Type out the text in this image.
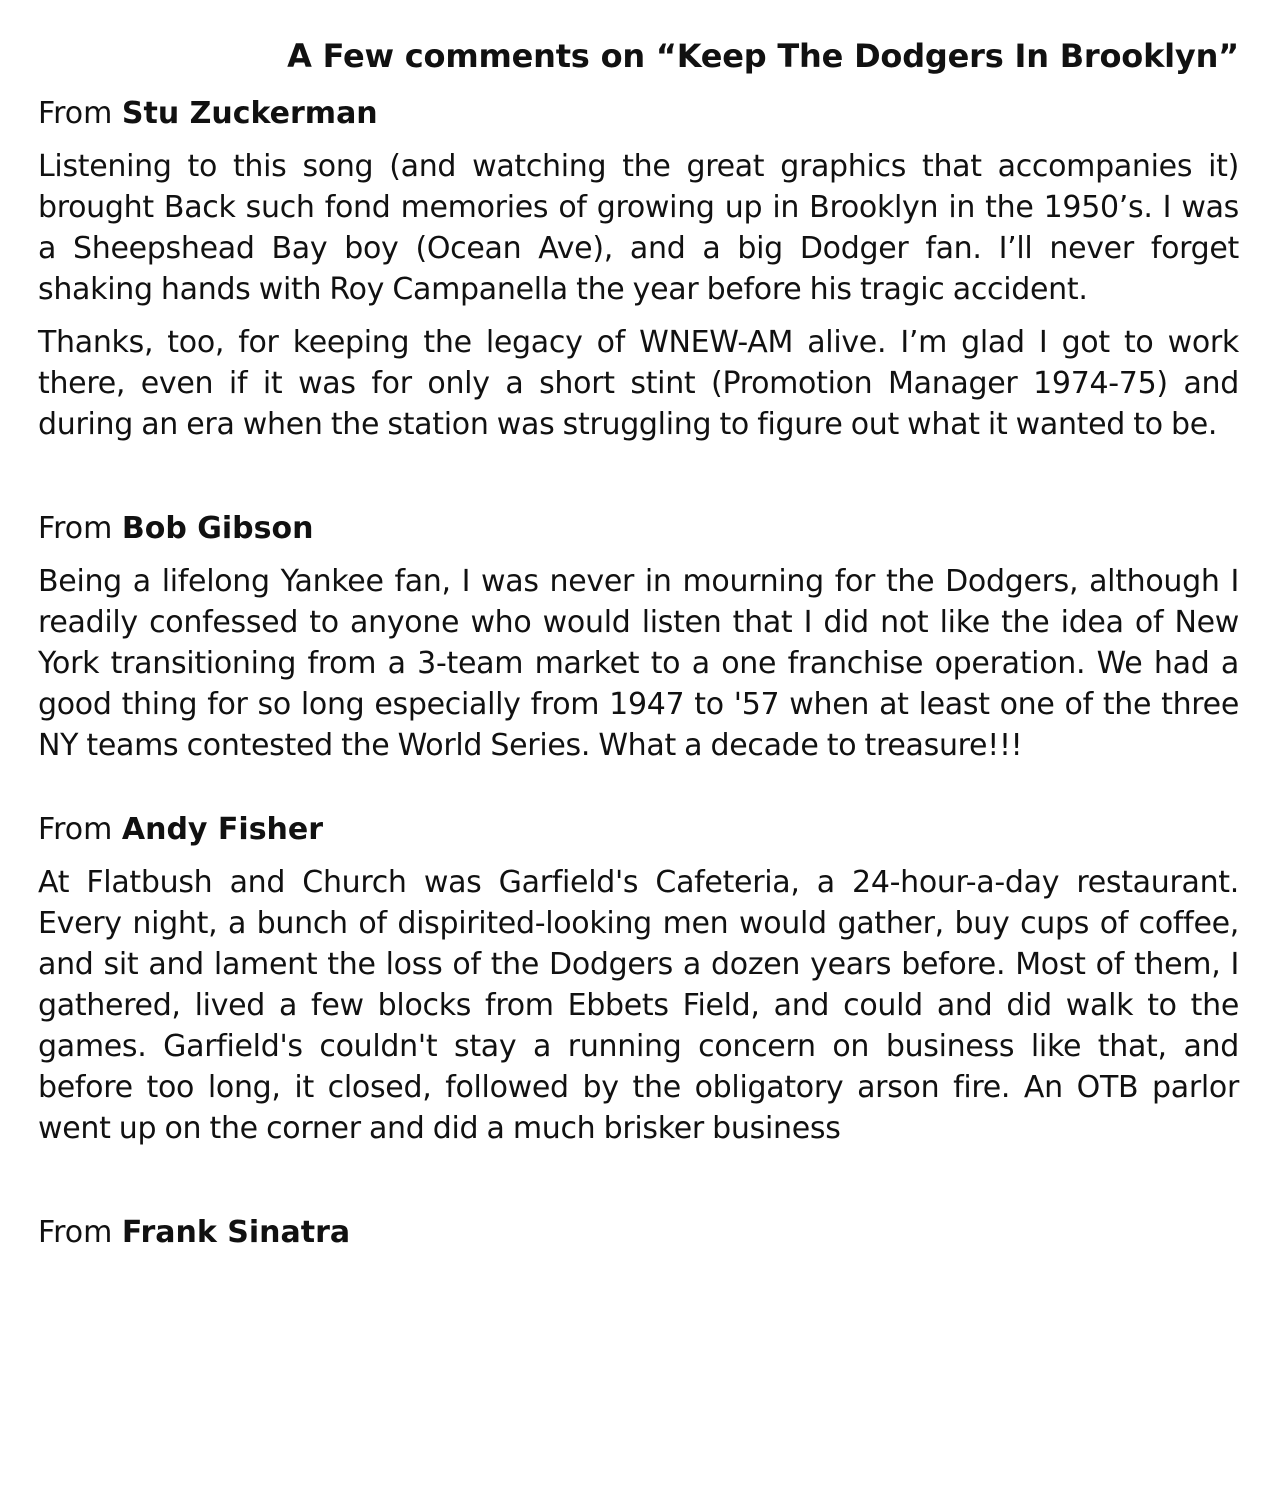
A Few comments on “Keep The Dodgers In Brooklyn”
From Stu Zuckerman

Listening to this song (and watching the great graphics that accompanies it) brought Back such fond memories of growing up in Brooklyn in the 1950’s. I was a Sheepshead Bay boy (Ocean Ave), and a big Dodger fan. I’ll never forget shaking hands with Roy Campanella the year before his tragic accident.

Thanks, too, for keeping the legacy of WNEW-AM alive. I’m glad I got to work there, even if it was for only a short stint (Promotion Manager 1974-75) and during an era when the station was struggling to figure out what it wanted to be.

From Bob Gibson

Being a lifelong Yankee fan, I was never in mourning for the Dodgers, although I readily confessed to anyone who would listen that I did not like the idea of New York transitioning from a 3-team market to a one franchise operation. We had a good thing for so long especially from 1947 to '57 when at least one of the three NY teams contested the World Series. What a decade to treasure!!!

From Andy Fisher

At Flatbush and Church was Garfield's Cafeteria, a 24-hour-a-day restaurant. Every night, a bunch of dispirited-looking men would gather, buy cups of coffee, and sit and lament the loss of the Dodgers a dozen years before. Most of them, I gathered, lived a few blocks from Ebbets Field, and could and did walk to the games. Garfield's couldn't stay a running concern on business like that, and before too long, it closed, followed by the obligatory arson fire. An OTB parlor went up on the corner and did a much brisker business

From Frank Sinatra
